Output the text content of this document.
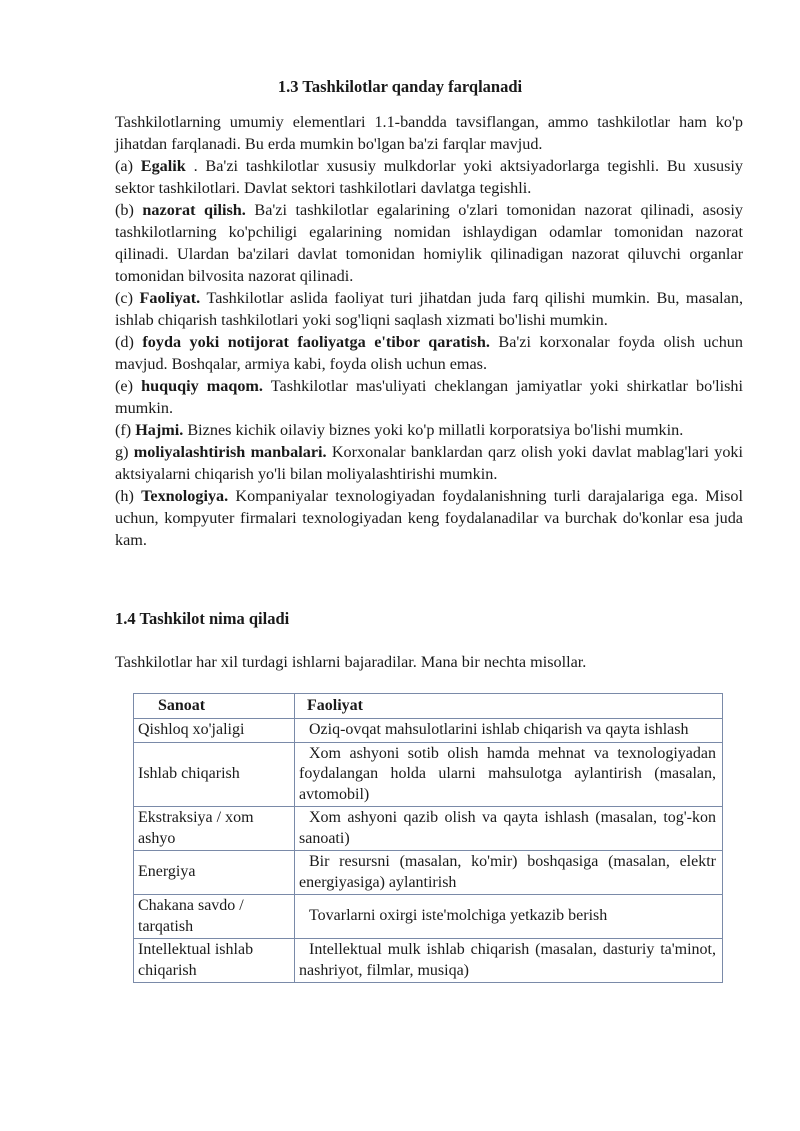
1.3 Tashkilotlar qanday farqlanadi

Tashkilotlarning umumiy elementlari 1.1-bandda tavsiflangan, ammo tashkilotlar ham ko'p jihatdan farqlanadi. Bu erda mumkin bo'lgan ba'zi farqlar mavjud.

(a) Egalik . Ba'zi tashkilotlar xususiy mulkdorlar yoki aktsiyadorlarga tegishli. Bu xususiy sektor tashkilotlari. Davlat sektori tashkilotlari davlatga tegishli.

(b) nazorat qilish. Ba'zi tashkilotlar egalarining o'zlari tomonidan nazorat qilinadi, asosiy tashkilotlarning ko'pchiligi egalarining nomidan ishlaydigan odamlar tomonidan nazorat qilinadi. Ulardan ba'zilari davlat tomonidan homiylik qilinadigan nazorat qiluvchi organlar tomonidan bilvosita nazorat qilinadi.

(c) Faoliyat. Tashkilotlar aslida faoliyat turi jihatdan juda farq qilishi mumkin. Bu, masalan, ishlab chiqarish tashkilotlari yoki sog'liqni saqlash xizmati bo'lishi mumkin.

(d) foyda yoki notijorat faoliyatga e'tibor qaratish. Ba'zi korxonalar foyda olish uchun mavjud. Boshqalar, armiya kabi, foyda olish uchun emas.

(e) huquqiy maqom. Tashkilotlar mas'uliyati cheklangan jamiyatlar yoki shirkatlar bo'lishi mumkin.

(f) Hajmi. Biznes kichik oilaviy biznes yoki ko'p millatli korporatsiya bo'lishi mumkin.

g) moliyalashtirish manbalari. Korxonalar banklardan qarz olish yoki davlat mablag'lari yoki aktsiyalarni chiqarish yo'li bilan moliyalashtirishi mumkin.

(h) Texnologiya. Kompaniyalar texnologiyadan foydalanishning turli darajalariga ega. Misol uchun, kompyuter firmalari texnologiyadan keng foydalanadilar va burchak do'konlar esa juda kam.

1.4 Tashkilot nima qiladi

Tashkilotlar har xil turdagi ishlarni bajaradilar. Mana bir nechta misollar.

Sanoat	Faoliyat
Qishloq xo'jaligi	Oziq-ovqat mahsulotlarini ishlab chiqarish va qayta ishlash
Ishlab chiqarish	Xom ashyoni sotib olish hamda mehnat va texnologiyadan foydalangan holda ularni mahsulotga aylantirish (masalan, avtomobil)
Ekstraksiya / xom ashyo	Xom ashyoni qazib olish va qayta ishlash (masalan, tog'-kon sanoati)
Energiya	Bir resursni (masalan, ko'mir) boshqasiga (masalan, elektr energiyasiga) aylantirish
Chakana savdo / tarqatish	Tovarlarni oxirgi iste'molchiga yetkazib berish
Intellektual ishlab chiqarish	Intellektual mulk ishlab chiqarish (masalan, dasturiy ta'minot, nashriyot, filmlar, musiqa)
